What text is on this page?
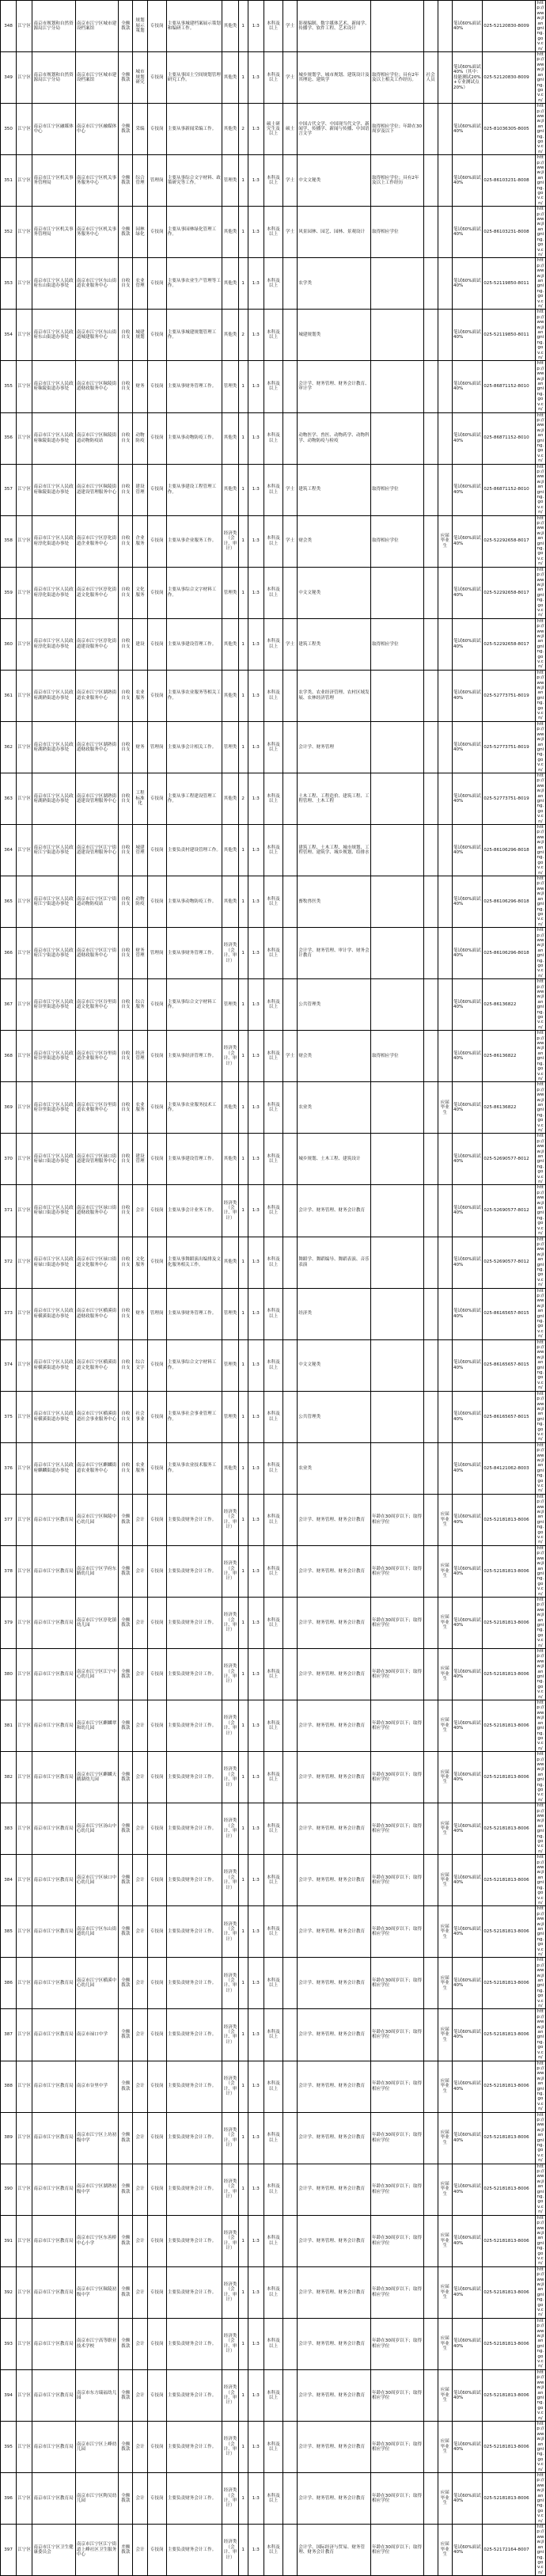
348	江宁区	南京市规划和自然资源局江宁分局	南京市江宁区城市建设档案馆	全额拨款	规划展示策划	专技岗	主要从事城建档案展示策划和编研工作。	其他类	1	1:3	本科及以上	学士	影视编制、数字媒体艺术、新闻学、传播学、软件工程、艺术设计				笔试60%面试40%	025-52120830-8009	http://www.jiangning.gov.cn/
349	江宁区	南京市规划和自然资源局江宁分局	南京市江宁区城市建设档案馆	全额拨款	城市规划研究	专技岗	主要从事国土空间规划管理研究工作。	其他类	1	1:3	本科及以上	学士	城乡规划学、城市规划、建筑设计及其理论、建筑学	取得相应学位；具有2年及以上相关工作经历。	社会人员		笔试60%面试40%（其中：技能测试20%+专业测试点20%）	025-52120830-8009	http://www.jiangning.gov.cn/
350	江宁区	南京市江宁区融媒体中心	南京市江宁区融媒体中心	全额拨款	采编	专技岗	主要从事新闻采编工作。	其他类	2	1:3	硕士研究生及以上	硕士	中国古代文学、中国现当代文学、新闻学、传播学、新闻与传播、中国语言文学	取得相应学位；年龄在30周岁及以下			笔试60%面试40%	025-81036305-8005	http://www.jiangning.gov.cn/
351	江宁区	南京市江宁区机关事务管理局	南京市江宁区机关事务服务中心	全额拨款	综合管理	管理岗	主要从事综合文字材料、政策研究等工作。	管理类	1	1:3	本科及以上	学士	中文文秘类	取得相应学位；具有2年及以上工作经历			笔试60%面试40%	025-86103231-8008	http://www.jiangning.gov.cn/
352	江宁区	南京市江宁区机关事务管理局	南京市江宁区机关事务服务中心	全额拨款	园林绿化	专技岗	主要从事园林绿化管理工作。	其他类	1	1:3	本科及以上	学士	风景园林、园艺、园林、景观设计	取得相应学位			笔试60%面试40%	025-86103231-8008	http://www.jiangning.gov.cn/
353	江宁区	南京市江宁区人民政府东山街道办事处	南京市江宁区东山街道农业服务中心	自收自支	农业管理	专技岗	主要从事农业生产管理等工作。	其他类	1	1:3	本科及以上		农学类				笔试60%面试40%	025-52119850-8011	http://www.jiangning.gov.cn/
354	江宁区	南京市江宁区人民政府东山街道办事处	南京市江宁区东山街道城建服务中心	自收自支	城建规划	专技岗	主要从事城建规划管理工作。	其他类	2	1:3	本科及以上		城建规划类				笔试60%面试40%	025-52119850-8011	http://www.jiangning.gov.cn/
355	江宁区	南京市江宁区人民政府秣陵街道办事处	南京市江宁区秣陵街道财政服务中心	自收自支	财务	专技岗	主要从事财务管理工作。	管理类	1	1:3	本科及以上		会计学、财务管理、财务会计教育、审计学				笔试60%面试40%	025-86871152-8010	http://www.jiangning.gov.cn/
356	江宁区	南京市江宁区人民政府秣陵街道办事处	南京市江宁区秣陵街道动物防疫站	自收自支	动物防疫	专技岗	主要从事动物防疫工作。	其他类	1	1:3	本科及以上		动物医学、兽医、动物药学、动物科学、动物防疫与检疫				笔试60%面试40%	025-86871152-8010	http://www.jiangning.gov.cn/
357	江宁区	南京市江宁区人民政府秣陵街道办事处	南京市江宁区秣陵街道建设管理服务中心	自收自支	建设管理	专技岗	主要从事建设工程管理工作。	其他类	1	1:3	本科及以上	学士	建筑工程类	取得相应学位			笔试60%面试40%	025-86871152-8010	http://www.jiangning.gov.cn/
358	江宁区	南京市江宁区人民政府淳化街道办事处	南京市江宁区淳化街道企业服务中心	自收自支	企业服务	专技岗	主要从事企业服务工作。	经济类（会计、审计）	1	1:3	本科及以上	学士	财会类	取得相应学位		应届毕业生	笔试60%面试40%	025-52292658-8017	http://www.jiangning.gov.cn/
359	江宁区	南京市江宁区人民政府淳化街道办事处	南京市江宁区淳化街道文化服务中心	自收自支	文化服务	专技岗	主要从事综合文字材料工作。	管理类	1	1:3	本科及以上		中文文秘类				笔试60%面试40%	025-52292658-8017	http://www.jiangning.gov.cn/
360	江宁区	南京市江宁区人民政府淳化街道办事处	南京市江宁区淳化街道建设服务中心	自收自支	建设	专技岗	主要从事建设管理工作。	其他类	1	1:3	本科及以上	学士	建筑工程类	取得相应学位			笔试60%面试40%	025-52292658-8017	http://www.jiangning.gov.cn/
361	江宁区	南京市江宁区人民政府湖熟街道办事处	南京市江宁区湖熟街道农业服务中心	自收自支	农业服务	专技岗	主要从事农业服务等相关工作。	其他类	1	1:3	本科及以上		农学类、农业经济管理、农村区域发展、农林经济管理				笔试60%面试40%	025-52773751-8019	http://www.jiangning.gov.cn/
362	江宁区	南京市江宁区人民政府湖熟街道办事处	南京市江宁区湖熟街道财政服务中心	自收自支	财务	管理岗	主要从事会计相关工作。	管理类	1	1:3	本科及以上		会计学、财务管理				笔试60%面试40%	025-52773751-8019	http://www.jiangning.gov.cn/
363	江宁区	南京市江宁区人民政府湖熟街道办事处	南京市江宁区湖熟街道建设管理服务中心	自收自支	工程标准化	专技岗	主要从事工程建设管理工作。	其他类	2	1:3	本科及以上		土木工程、工程造价、建筑工程、工程管理、土木工程				笔试60%面试40%	025-52773751-8019	http://www.jiangning.gov.cn/
364	江宁区	南京市江宁区人民政府江宁街道办事处	南京市江宁区江宁街道建设管理服务中心	自收自支	城建管理	专技岗	主要负责村建设管理工作。	其他类	1	1:3	本科及以上		建筑工程、土木工程、城市规划、工程管理、建筑学、城乡规划、给排水				笔试60%面试40%	025-86106296-8018	http://www.jiangning.gov.cn/
365	江宁区	南京市江宁区人民政府江宁街道办事处	南京市江宁区江宁街道动物防疫站	自收自支	动物防疫	专技岗	主要从事动物防疫工作。	其他类	1	1:3	本科及以上		畜牧兽医类				笔试60%面试40%	025-86106296-8018	http://www.jiangning.gov.cn/
366	江宁区	南京市江宁区人民政府江宁街道办事处	南京市江宁区江宁街道财政服务中心	自收自支	财务管理	管理岗	主要从事财务管理工作。	经济类（会计、审计）	1	1:3	本科及以上		会计学、财务管理、审计学、财务会计教育				笔试60%面试40%	025-86106296-8018	http://www.jiangning.gov.cn/
367	江宁区	南京市江宁区人民政府谷里街道办事处	南京市江宁区谷里街道文化服务中心	自收自支	综合服务	专技岗	主要从事综合文字材料工作。	管理类	1	1:3	本科及以上		公共管理类				笔试60%面试40%	025-86136822	http://www.jiangning.gov.cn/
368	江宁区	南京市江宁区人民政府谷里街道办事处	南京市江宁区谷里街道企业服务中心	自收自支	经济管理	专技岗	主要从事经济管理工作。	经济类（会计、审计）	1	1:3	本科及以上	学士	财会类	取得相应学位			笔试60%面试40%	025-86136822	http://www.jiangning.gov.cn/
369	江宁区	南京市江宁区人民政府谷里街道办事处	南京市江宁区谷里街道农业服务中心	自收自支	农业服务	专技岗	主要从事农业服务技术工作。	其他类	1	1:3	本科及以上		农业类			应届毕业生	笔试60%面试40%	025-86136822	http://www.jiangning.gov.cn/
370	江宁区	南京市江宁区人民政府禄口街道办事处	南京市江宁区禄口街道建设管理服务中心	自收自支	建设管理	专技岗	主要从事建设管理工作。	其他类	1	1:3	本科及以上		城乡规划、土木工程、建筑设计				笔试60%面试40%	025-52690577-8012	http://www.jiangning.gov.cn/
371	江宁区	南京市江宁区人民政府禄口街道办事处	南京市江宁区禄口街道财政服务中心	自收自支	会计	专技岗	主要从事会计业务工作。	经济类（会计、审计）	1	1:3	本科及以上		会计学、财务管理、财务会计教育				笔试60%面试40%	025-52690577-8012	http://www.jiangning.gov.cn/
372	江宁区	南京市江宁区人民政府禄口街道办事处	南京市江宁区禄口街道文化服务中心	自收自支	文化服务	专技岗	主要从事舞蹈演出编排及文化服务相关工作。	其他类	1	1:3	本科及以上		舞蹈学、舞蹈编导、舞蹈表演、音乐表演				笔试60%面试40%	025-52690577-8012	http://www.jiangning.gov.cn/
373	江宁区	南京市江宁区人民政府横溪街道办事处	南京市江宁区横溪街道财政服务中心	自收自支	财务	管理岗	主要从事财务管理工作。	管理类	1	1:3	本科及以上		经济类				笔试60%面试40%	025-86165657-8015	http://www.jiangning.gov.cn/
374	江宁区	南京市江宁区人民政府横溪街道办事处	南京市江宁区横溪街道文化服务中心	自收自支	综合文字	专技岗	主要从事综合文字材料工作。	管理类	1	1:3	本科及以上		中文文秘类				笔试60%面试40%	025-86165657-8015	http://www.jiangning.gov.cn/
375	江宁区	南京市江宁区人民政府横溪街道办事处	南京市江宁区横溪街道社会事业服务中心	自收自支	社会事业	专技岗	主要从事社会事业管理工作。	管理类	1	1:3	本科及以上		公共管理类				笔试60%面试40%	025-86165657-8015	http://www.jiangning.gov.cn/
376	江宁区	南京市江宁区人民政府麒麟街道办事处	南京市江宁区麒麟街道农业服务中心	自收自支	农业服务	专技岗	主要从事农业技术服务工作。	其他类	1	1:3	本科及以上		农业类				笔试60%面试40%	025-84121062-8003	http://www.jiangning.gov.cn/
377	江宁区	南京市江宁区教育局	南京市江宁区秣陵中心幼儿园	全额拨款	会计	专技岗	主要负责财务会计工作。	经济类（会计、审计）	1	1:3	本科及以上		会计学、财务管理、财务会计教育	年龄在30周岁以下；取得相应学位		应届毕业生	笔试60%面试40%	025-52181813-8006	http://www.jiangning.gov.cn/
378	江宁区	南京市江宁区教育局	南京市江宁区学府东路幼儿园	全额拨款	会计	专技岗	主要负责财务会计工作。	经济类（会计、审计）	1	1:3	本科及以上		会计学、财务管理、财务会计教育	年龄在30周岁以下；取得相应学位		应届毕业生	笔试60%面试40%	025-52181813-8006	http://www.jiangning.gov.cn/
379	江宁区	南京市江宁区教育局	南京市江宁区淳化镇幼儿园	全额拨款	会计	专技岗	主要负责财务会计工作。	经济类（会计、审计）	1	1:3	本科及以上		会计学、财务管理、财务会计教育	年龄在30周岁以下；取得相应学位		应届毕业生	笔试60%面试40%	025-52181813-8006	http://www.jiangning.gov.cn/
380	江宁区	南京市江宁区教育局	南京市江宁区江宁中心幼儿园	全额拨款	会计	专技岗	主要负责财务会计工作。	经济类（会计、审计）	1	1:3	本科及以上		会计学、财务管理、财务会计教育	年龄在30周岁以下；取得相应学位		应届毕业生	笔试60%面试40%	025-52181813-8006	http://www.jiangning.gov.cn/
381	江宁区	南京市江宁区教育局	南京市江宁区麒麟翠和幼儿园	全额拨款	会计	专技岗	主要负责财务会计工作。	经济类（会计、审计）	1	1:3	本科及以上		会计学、财务管理、财务会计教育	年龄在30周岁以下；取得相应学位		应届毕业生	笔试60%面试40%	025-52181813-8006	http://www.jiangning.gov.cn/
382	江宁区	南京市江宁区教育局	南京市江宁区麒麟天鹅湖幼儿园	全额拨款	会计	专技岗	主要负责财务会计工作。	经济类（会计、审计）	1	1:3	本科及以上		会计学、财务管理、财务会计教育	年龄在30周岁以下；取得相应学位		应届毕业生	笔试60%面试40%	025-52181813-8006	http://www.jiangning.gov.cn/
383	江宁区	南京市江宁区教育局	南京市江宁区汤山中心幼儿园	全额拨款	会计	专技岗	主要负责财务会计工作。	经济类（会计、审计）	1	1:3	本科及以上		会计学、财务管理、财务会计教育	年龄在30周岁以下；取得相应学位		应届毕业生	笔试60%面试40%	025-52181813-8006	http://www.jiangning.gov.cn/
384	江宁区	南京市江宁区教育局	南京市江宁区禄口中心幼儿园	全额拨款	会计	专技岗	主要负责财务会计工作。	经济类（会计、审计）	1	1:3	本科及以上		会计学、财务管理、财务会计教育	年龄在30周岁以下；取得相应学位		应届毕业生	笔试60%面试40%	025-52181813-8006	http://www.jiangning.gov.cn/
385	江宁区	南京市江宁区教育局	南京市江宁区东山街道幼儿园	全额拨款	会计	专技岗	主要负责财务会计工作。	经济类（会计、审计）	1	1:3	本科及以上		会计学、财务管理、财务会计教育	年龄在30周岁以下；取得相应学位		应届毕业生	笔试60%面试40%	025-52181813-8006	http://www.jiangning.gov.cn/
386	江宁区	南京市江宁区教育局	南京市江宁区横溪中心幼儿园	全额拨款	会计	专技岗	主要负责财务会计工作。	经济类（会计、审计）	1	1:3	本科及以上		会计学、财务管理、财务会计教育	年龄在30周岁以下；取得相应学位		应届毕业生	笔试60%面试40%	025-52181813-8006	http://www.jiangning.gov.cn/
387	江宁区	南京市江宁区教育局	南京市禄口中学	全额拨款	会计	专技岗	主要负责财务会计工作。	经济类（会计、审计）	1	1:3	本科及以上		会计学、财务管理、财务会计教育	年龄在30周岁以下；取得相应学位		应届毕业生	笔试60%面试40%	025-52181813-8006	http://www.jiangning.gov.cn/
388	江宁区	南京市江宁区教育局	南京市谷里中学	全额拨款	会计	专技岗	主要负责财务会计工作。	经济类（会计、审计）	1	1:3	本科及以上		会计学、财务管理、财务会计教育	年龄在30周岁以下；取得相应学位		应届毕业生	笔试60%面试40%	025-52181813-8006	http://www.jiangning.gov.cn/
389	江宁区	南京市江宁区教育局	南京市江宁区上坊初级中学	全额拨款	会计	专技岗	主要负责财务会计工作。	经济类（会计、审计）	1	1:3	本科及以上		会计学、财务管理、财务会计教育	年龄在30周岁以下；取得相应学位		应届毕业生	笔试60%面试40%	025-52181813-8006	http://www.jiangning.gov.cn/
390	江宁区	南京市江宁区教育局	南京市江宁区湖熟初级中学	全额拨款	会计	专技岗	主要负责财务会计工作。	经济类（会计、审计）	1	1:3	本科及以上		会计学、财务管理、财务会计教育	年龄在30周岁以下；取得相应学位		应届毕业生	笔试60%面试40%	025-52181813-8006	http://www.jiangning.gov.cn/
391	江宁区	南京市江宁区教育局	南京市江宁区东善桥中心小学	全额拨款	会计	专技岗	主要负责财务会计工作。	经济类（会计、审计）	1	1:3	本科及以上		会计学、财务管理、财务会计教育	年龄在30周岁以下；取得相应学位		应届毕业生	笔试60%面试40%	025-52181813-8006	http://www.jiangning.gov.cn/
392	江宁区	南京市江宁区教育局	南京市江宁区秣陵初级中学	全额拨款	会计	专技岗	主要负责财务会计工作。	经济类（会计、审计）	1	1:3	本科及以上		会计学、财务管理、财务会计教育	年龄在30周岁以下；取得相应学位		应届毕业生	笔试60%面试40%	025-52181813-8006	http://www.jiangning.gov.cn/
393	江宁区	南京市江宁区教育局	南京市江宁高等职业技术学校	全额拨款	会计	专技岗	主要负责财务会计工作。	经济类（会计、审计）	1	1:3	本科及以上		会计学、财务管理、财务会计教育	年龄在30周岁以下；取得相应学位		应届毕业生	笔试60%面试40%	025-52181813-8006	http://www.jiangning.gov.cn/
394	江宁区	南京市江宁区教育局	南京市东方瑞福幼儿园	全额拨款	会计	专技岗	主要负责财务会计工作。	经济类（会计、审计）	1	1:3	本科及以上		会计学、财务管理、财务会计教育	年龄在30周岁以下；取得相应学位		应届毕业生	笔试60%面试40%	025-52181813-8006	http://www.jiangning.gov.cn/
395	江宁区	南京市江宁区教育局	南京市江宁区上峰幼儿园	全额拨款	会计	专技岗	主要负责财务会计工作。	经济类（会计、审计）	1	1:3	本科及以上		会计学、财务管理、财务会计教育	年龄在30周岁以下；取得相应学位		应届毕业生	笔试60%面试40%	025-52181813-8006	http://www.jiangning.gov.cn/
396	江宁区	南京市江宁区教育局	南京市江宁区陶吴幼儿园	全额拨款	会计	专技岗	主要负责财务会计工作。	经济类（会计、审计）	1	1:3	本科及以上		会计学、财务管理、财务会计教育	年龄在30周岁以下；取得相应学位		应届毕业生	笔试60%面试40%	025-52181813-8006	http://www.jiangning.gov.cn/
397	江宁区	南京市江宁区卫生健康委员会	南京市江宁区江宁街道上峰社区卫生服务中心	差额拨款	会计	专技岗	主要负责财务会计工作。	经济类（会计、审计）	1	1:3	本科及以上		会计学、国际经济与贸易、财务管理、财务会计教育	年龄在30周岁以下；取得相应学位		应届毕业生	笔试60%面试40%	025-52172164-8007	http://www.jiangning.gov.cn/
